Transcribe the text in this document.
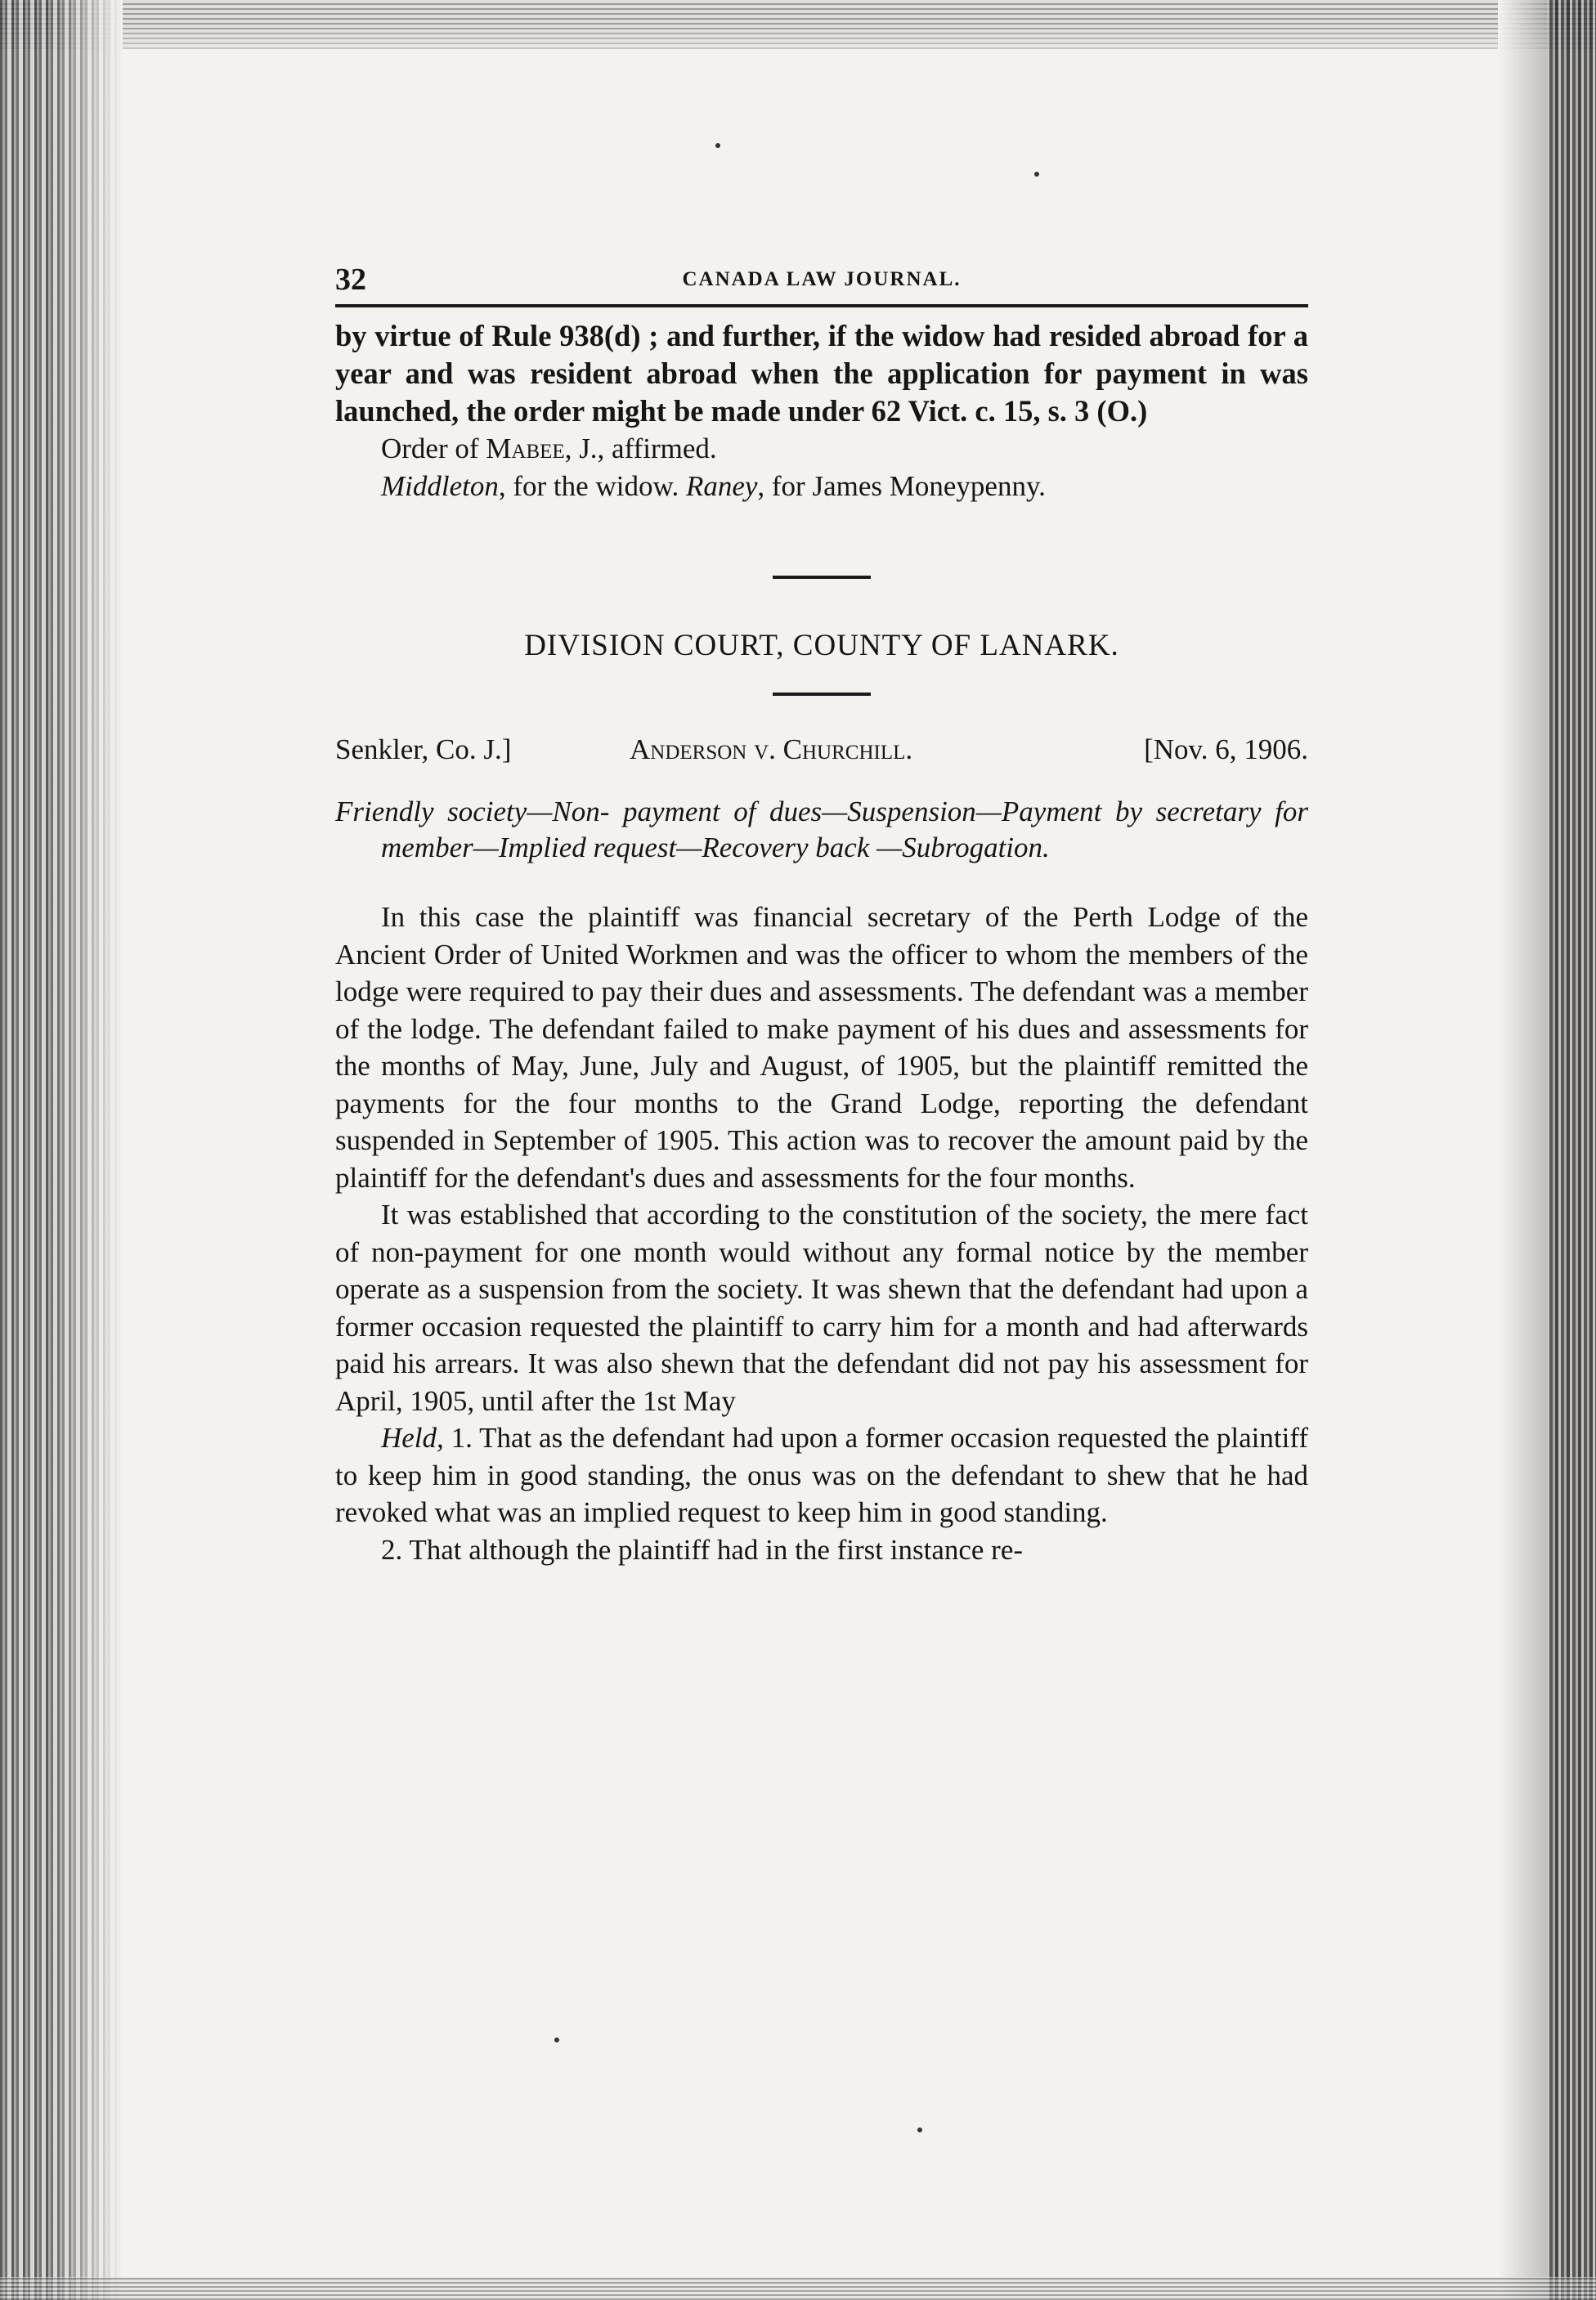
32	CANADA LAW JOURNAL.

by virtue of Rule 938(d) ; and further, if the widow had resided abroad for a year and was resident abroad when the application for payment in was launched, the order might be made under 62 Vict. c. 15, s. 3 (O.)

Order of Mabee, J., affirmed.

Middleton, for the widow. Raney, for James Moneypenny.

DIVISION COURT, COUNTY OF LANARK.
Senkler, Co. J.]	Anderson v. Churchill.	[Nov. 6, 1906.

Friendly society—Non- payment of dues—Suspension—Payment by secretary for member—Implied request—Recovery back —Subrogation.

In this case the plaintiff was financial secretary of the Perth Lodge of the Ancient Order of United Workmen and was the officer to whom the members of the lodge were required to pay their dues and assessments. The defendant was a member of the lodge. The defendant failed to make payment of his dues and assessments for the months of May, June, July and August, of 1905, but the plaintiff remitted the payments for the four months to the Grand Lodge, reporting the defendant suspended in September of 1905. This action was to recover the amount paid by the plaintiff for the defendant's dues and assessments for the four months.

It was established that according to the constitution of the society, the mere fact of non-payment for one month would without any formal notice by the member operate as a suspension from the society. It was shewn that the defendant had upon a former occasion requested the plaintiff to carry him for a month and had afterwards paid his arrears. It was also shewn that the defendant did not pay his assessment for April, 1905, until after the 1st May

Held, 1. That as the defendant had upon a former occasion requested the plaintiff to keep him in good standing, the onus was on the defendant to shew that he had revoked what was an implied request to keep him in good standing.

2. That although the plaintiff had in the first instance re-
